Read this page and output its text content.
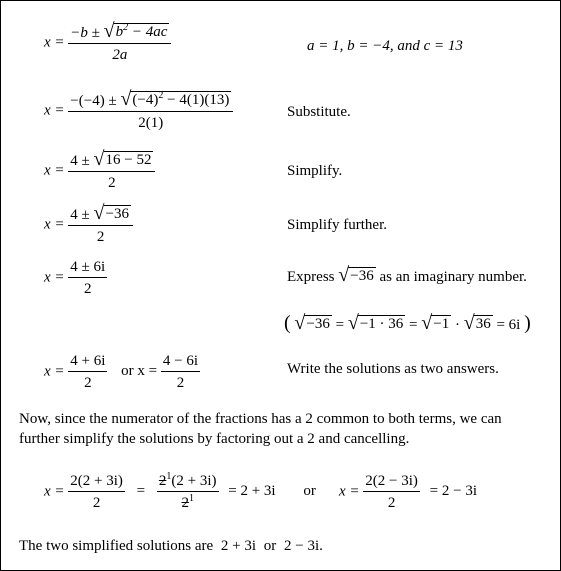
$x = \frac{-b \pm √ b^2 - 4ac}{2a}$	a = 1, b = −4, and c = 13
$x = \frac{-(-4) \pm √ (-4)^2 - 4(1)(13)}{2(1)}$	Substitute.
$x = \frac{4 \pm √ 16 - 52}{2}$	Simplify.
$x = \frac{4 \pm √ -36}{2}$	Simplify further.
$x = \frac{4 \pm 6i}{2}$	Express √ −36 as an imaginary number.
( √ −36 = √ −1 · 36 = √ −1 · √ 36 = 6i )
$x = \frac{4 + 6i}{2}$ or $x = \frac{4 - 6i}{2}$	Write the solutions as two answers.
Now, since the numerator of the fractions has a 2 common to both terms, we can
further simplify the solutions by factoring out a 2 and cancelling.
$x = \frac{2(2 + 3i)}{2} = \frac{2^1(2 + 3i)}{2^1} = 2 + 3i$ or $x = \frac{2(2 - 3i)}{2} = 2 - 3i$
The two simplified solutions are 2 + 3i or 2 − 3i.
